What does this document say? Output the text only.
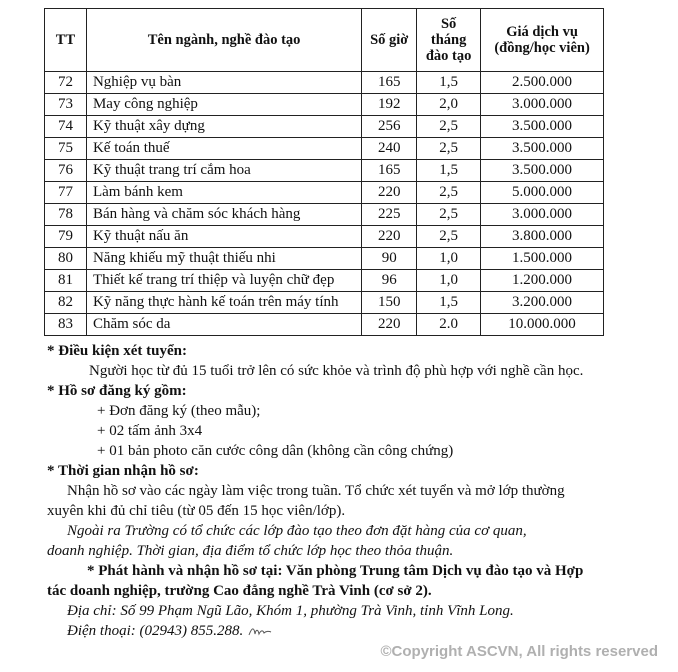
TT	Tên ngành, nghề đào tạo	Số giờ	Số tháng đào tạo	Giá dịch vụ (đồng/học viên)
72	Nghiệp vụ bàn	165	1,5	2.500.000
73	May công nghiệp	192	2,0	3.000.000
74	Kỹ thuật xây dựng	256	2,5	3.500.000
75	Kế toán thuế	240	2,5	3.500.000
76	Kỹ thuật trang trí cắm hoa	165	1,5	3.500.000
77	Làm bánh kem	220	2,5	5.000.000
78	Bán hàng và chăm sóc khách hàng	225	2,5	3.000.000
79	Kỹ thuật nấu ăn	220	2,5	3.800.000
80	Năng khiếu mỹ thuật thiếu nhi	90	1,0	1.500.000
81	Thiết kế trang trí thiệp và luyện chữ đẹp	96	1,0	1.200.000
82	Kỹ năng thực hành kế toán trên máy tính	150	1,5	3.200.000
83	Chăm sóc da	220	2.0	10.000.000

* Điều kiện xét tuyển:

Người học từ đủ 15 tuổi trở lên có sức khỏe và trình độ phù hợp với nghề cần học.

* Hồ sơ đăng ký gồm:

+ Đơn đăng ký (theo mẫu);

+ 02 tấm ảnh 3x4

+ 01 bản photo căn cước công dân (không cần công chứng)

* Thời gian nhận hồ sơ:

Nhận hồ sơ vào các ngày làm việc trong tuần. Tổ chức xét tuyển và mở lớp thường

xuyên khi đủ chỉ tiêu (từ 05 đến 15 học viên/lớp).

Ngoài ra Trường có tổ chức các lớp đào tạo theo đơn đặt hàng của cơ quan,

doanh nghiệp. Thời gian, địa điểm tổ chức lớp học theo thỏa thuận.

* Phát hành và nhận hồ sơ tại: Văn phòng Trung tâm Dịch vụ đào tạo và Hợp

tác doanh nghiệp, trường Cao đẳng nghề Trà Vinh (cơ sở 2).

Địa chỉ: Số 99 Phạm Ngũ Lão, Khóm 1, phường Trà Vinh, tỉnh Vĩnh Long.

Điện thoại: (02943) 855.288.

©Copyright ASCVN, All rights reserved
